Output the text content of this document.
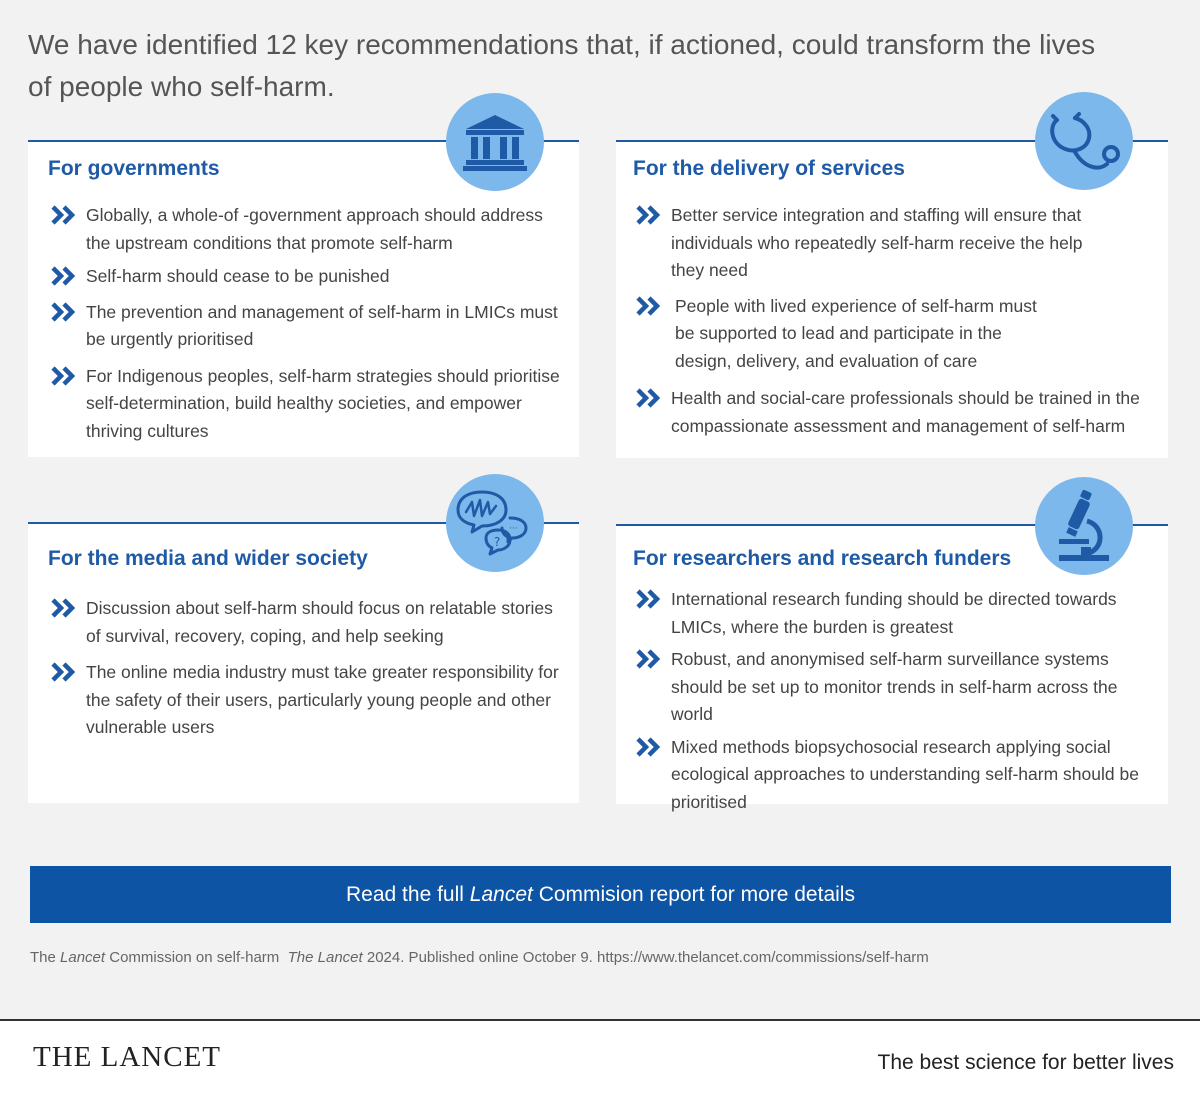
We have identified 12 key recommendations that, if actioned, could transform the lives of people who self-harm.
For governments
Globally, a whole-of -government approach should address the upstream conditions that promote self-harm
Self-harm should cease to be punished
The prevention and management of self-harm in LMICs must be urgently prioritised
For Indigenous peoples, self-harm strategies should prioritise self-determination, build healthy societies, and empower thriving cultures
For the delivery of services
Better service integration and staffing will ensure that individuals who repeatedly self-harm receive the help they need
People with lived experience of self-harm must be supported to lead and participate in the design, delivery, and evaluation of care
Health and social-care professionals should be trained in the compassionate assessment and management of self-harm
For the media and wider society
Discussion about self-harm should focus on relatable stories of survival, recovery, coping, and help seeking
The online media industry must take greater responsibility for the safety of their users, particularly young people and other vulnerable users
···
?
For researchers and research funders
International research funding should be directed towards LMICs, where the burden is greatest
Robust, and anonymised self-harm surveillance systems should be set up to monitor trends in self-harm across the world
Mixed methods biopsychosocial research applying social ecological approaches to understanding self-harm should be prioritised
Read the full
Lancet
Commision report for more details

The Lancet Commission on self-harm  The Lancet 2024. Published online October 9. https://www.thelancet.com/commissions/self-harm

THE LANCET	The best science for better lives
